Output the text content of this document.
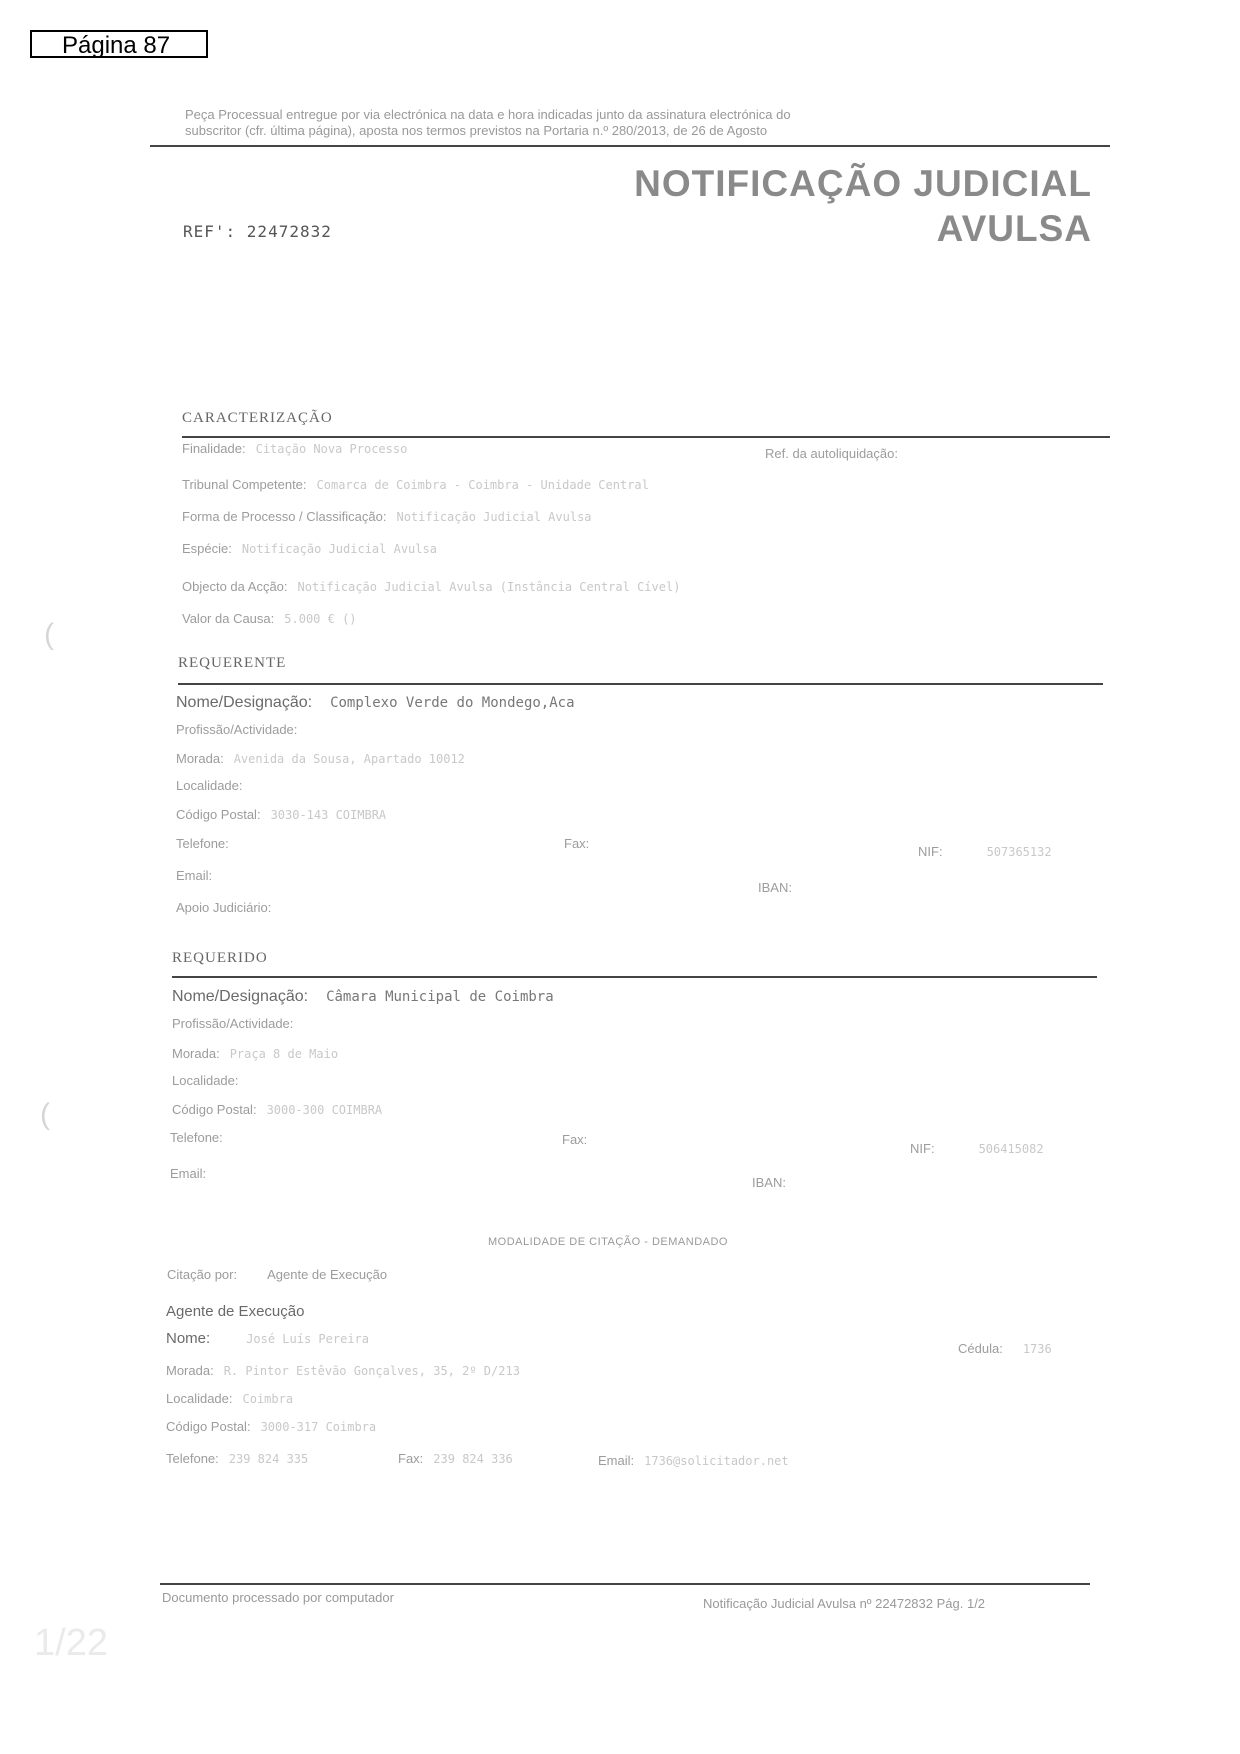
Página 87
Peça Processual entregue por via electrónica na data e hora indicadas junto da assinatura electrónica do
subscritor (cfr. última página), aposta nos termos previstos na Portaria n.º 280/2013, de 26 de Agosto
NOTIFICAÇÃO JUDICIAL
AVULSA
REF': 22472832
CARACTERIZAÇÃO
Finalidade: Citação Nova Processo	Ref. da autoliquidação:
Tribunal Competente: Comarca de Coimbra - Coimbra - Unidade Central
Forma de Processo / Classificação: Notificação Judicial Avulsa
Espécie: Notificação Judicial Avulsa
Objecto da Acção: Notificação Judicial Avulsa (Instância Central Cível)
Valor da Causa: 5.000 € ()
REQUERENTE
Nome/Designação: Complexo Verde do Mondego,Aca
Profissão/Actividade:
Morada: Avenida da Sousa, Apartado 10012
Localidade:
Código Postal: 3030-143 COIMBRA
Telefone:	Fax:
NIF:	507365132
Email:
IBAN:
Apoio Judiciário:
REQUERIDO
Nome/Designação: Câmara Municipal de Coimbra
Profissão/Actividade:
Morada: Praça 8 de Maio
Localidade:
Código Postal: 3000-300 COIMBRA
Telefone:	Fax:
NIF:	506415082
Email:
IBAN:
MODALIDADE DE CITAÇÃO - DEMANDADO
Citação por: Agente de Execução
Agente de Execução
Nome:	José Luís Pereira
Cédula: 1736
Morada: R. Pintor Estêvão Gonçalves, 35, 2º D/213
Localidade: Coimbra
Código Postal: 3000-317 Coimbra
Telefone: 239 824 335	Fax: 239 824 336	Email: 1736@solicitador.net
Documento processado por computador	Notificação Judicial Avulsa nº 22472832 Pág. 1/2
1/22
(
(
